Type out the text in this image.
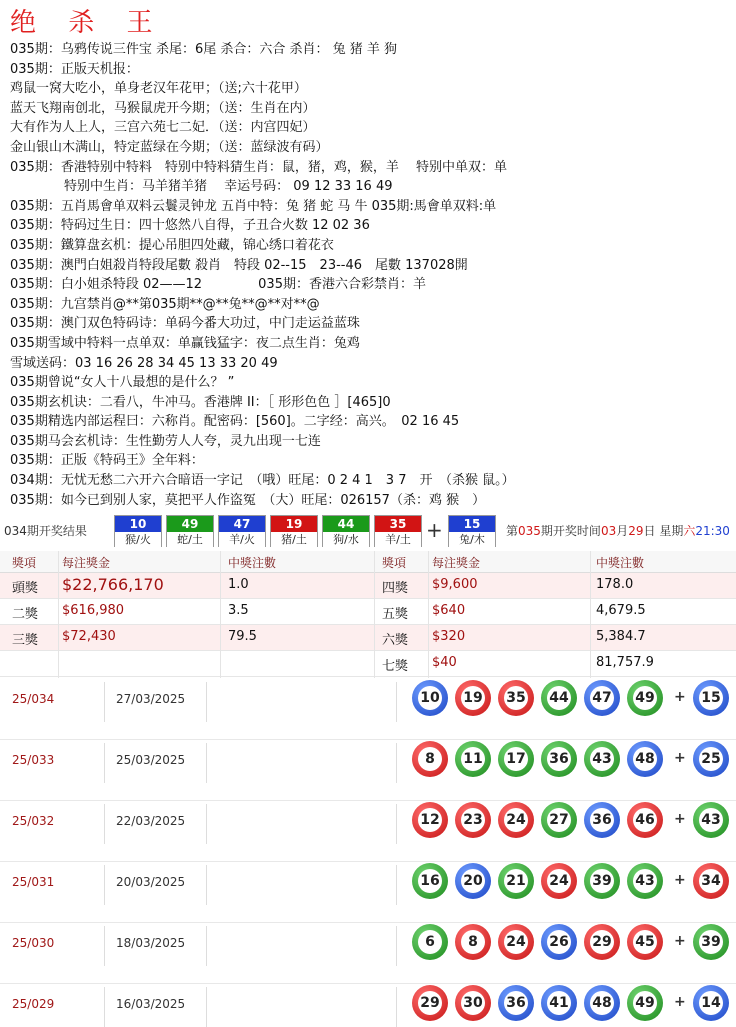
绝 杀 王
035期：乌鸦传说三件宝 杀尾：6尾 杀合：六合 杀肖： 兔 猪 羊 狗
035期：正版天机报：
鸡鼠一窝大吃小，单身老汉年花甲；（送;六十花甲）
蓝天飞翔南创北，马猴鼠虎开今期；（送：生肖在内）
大有作为人上人，三宫六苑七二妃．（送：内宫四妃）
金山银山木满山，特定蓝绿在今期；（送：蓝绿波有码）
035期：香港特别中特料　特别中特料猜生肖：鼠，猪，鸡，猴，羊　 特别中单双：单
特别中生肖：马羊猪羊猪　 幸运号码： 09 12 33 16 49
035期：五肖馬會单双料云鬟灵钟龙 五肖中特：兔 猪 蛇 马 牛 035期:馬會单双料:单
035期：特码过生日：四十悠然八自得，子丑合火数 12 02 36
035期：鐵算盘玄机：提心吊胆四处藏，锦心绣口着花衣
035期：澳門白姐殺肖特段尾數 殺肖　特段 02--15　23--46　尾數 137028開
035期：白小姐杀特段 02——12　　　　 035期：香港六合彩禁肖：羊
035期：九宫禁肖@**第035期**@**兔**@**对**@
035期：澳门双色特码诗：单码今番大功过，中门走运益蓝珠
035期雪域中特料一点单双：单赢钱猛字：夜二点生肖：兔鸡
雪域送码：03 16 26 28 34 45 13 33 20 49
035期曾说“女人十八最想的是什么？ ”
035期玄机诀：二看八，牛冲马。香港牌 II：［ 形形色色 ］[465]0
035期精选内部运程曰：六称肖。配密码：[560]。二字经：高兴。　02 16 45
035期马会玄机诗：生性勤劳人人夸，灵九出现一七连
035期：正版《特码王》全年料：
034期：无忧无愁二六开六合暗语一字记　（哦）旺尾：0 2 4 1　3 7　开　（杀猴 鼠。）
035期：如今已到别人家，莫把平人作盗冤　（大）旺尾：026157（杀：鸡 猴　）
034期开奖结果	10
猴/火
49
蛇/土
47
羊/火
19
猪/土
44
狗/水
35
羊/土
15
兔/木
+	第035期开奖时间03月29日 星期六21:30
獎項 每注獎金	中獎注數	獎項 每注獎金	中獎注數
頭獎 $22,766,170	1.0	四獎 $9,600	178.0
二獎 $616,980	3.5	五獎 $640	4,679.5
三獎 $72,430	79.5	六獎 $320	5,384.7
七獎 $40	81,757.9
25/034	27/03/2025	10 19 35 44 47 49 + 15
25/033	25/03/2025	8	11 17 36 43 48 + 25
25/032	22/03/2025	12 23 24 27 36 46 + 43
25/031	20/03/2025	16 20 21 24 39 43 + 34
25/030	18/03/2025	6	8	24 26 29 45 + 39
25/029	16/03/2025	29 30 36 41 48 49 + 14
